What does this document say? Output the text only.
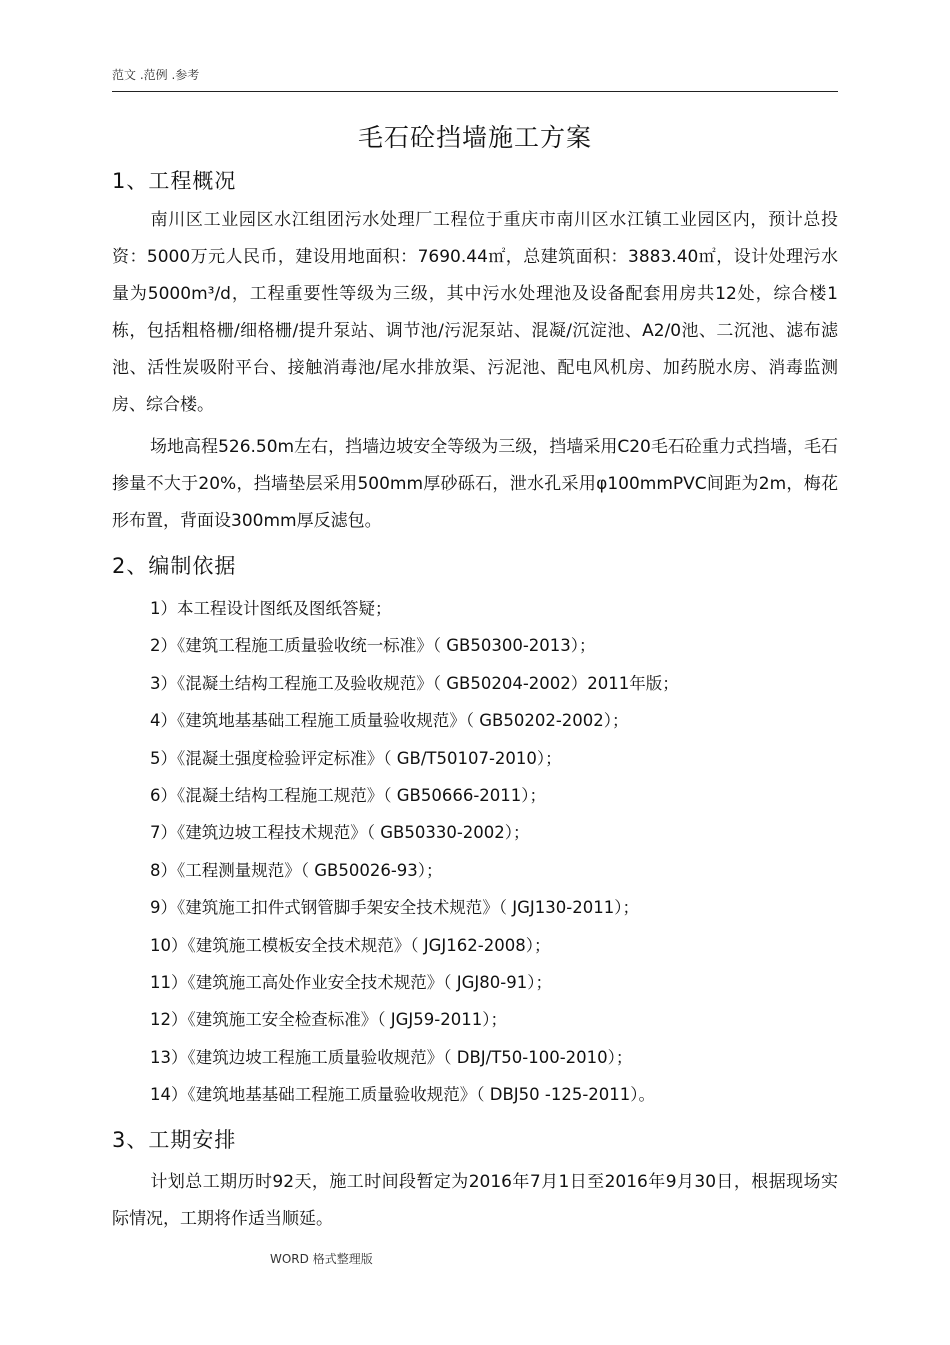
范文 .范例 .参考
毛石砼挡墙施工方案
1、工程概况

南川区工业园区水江组团污水处理厂工程位于重庆市南川区水江镇工业园区内，预计总投资：5000万元人民币，建设用地面积：7690.44㎡，总建筑面积：3883.40㎡，设计处理污水量为5000m³/d，工程重要性等级为三级，其中污水处理池及设备配套用房共12处，综合楼1栋，包括粗格栅/细格栅/提升泵站、调节池/污泥泵站、混凝/沉淀池、A2/0池、二沉池、滤布滤池、活性炭吸附平台、接触消毒池/尾水排放渠、污泥池、配电风机房、加药脱水房、消毒监测房、综合楼。

场地高程526.50m左右，挡墙边坡安全等级为三级，挡墙采用C20毛石砼重力式挡墙，毛石掺量不大于20%，挡墙垫层采用500mm厚砂砾石，泄水孔采用φ100mmPVC间距为2m，梅花形布置，背面设300mm厚反滤包。

2、编制依据
1）本工程设计图纸及图纸答疑；
2）《建筑工程施工质量验收统一标准》（ GB50300-2013）；
3）《混凝土结构工程施工及验收规范》（ GB50204-2002）2011年版；
4）《建筑地基基础工程施工质量验收规范》（ GB50202-2002）；
5）《混凝土强度检验评定标准》（ GB/T50107-2010）；
6）《混凝土结构工程施工规范》（ GB50666-2011）；
7）《建筑边坡工程技术规范》（ GB50330-2002）；
8）《工程测量规范》（ GB50026-93）；
9）《建筑施工扣件式钢管脚手架安全技术规范》（ JGJ130-2011）；
10）《建筑施工模板安全技术规范》（ JGJ162-2008）；
11）《建筑施工高处作业安全技术规范》（ JGJ80-91）；
12）《建筑施工安全检查标准》（ JGJ59-2011）；
13）《建筑边坡工程施工质量验收规范》（ DBJ/T50-100-2010）；
14）《建筑地基基础工程施工质量验收规范》（ DBJ50 -125-2011）。
3、工期安排

计划总工期历时92天，施工时间段暂定为2016年7月1日至2016年9月30日，根据现场实际情况，工期将作适当顺延。

WORD 格式整理版
